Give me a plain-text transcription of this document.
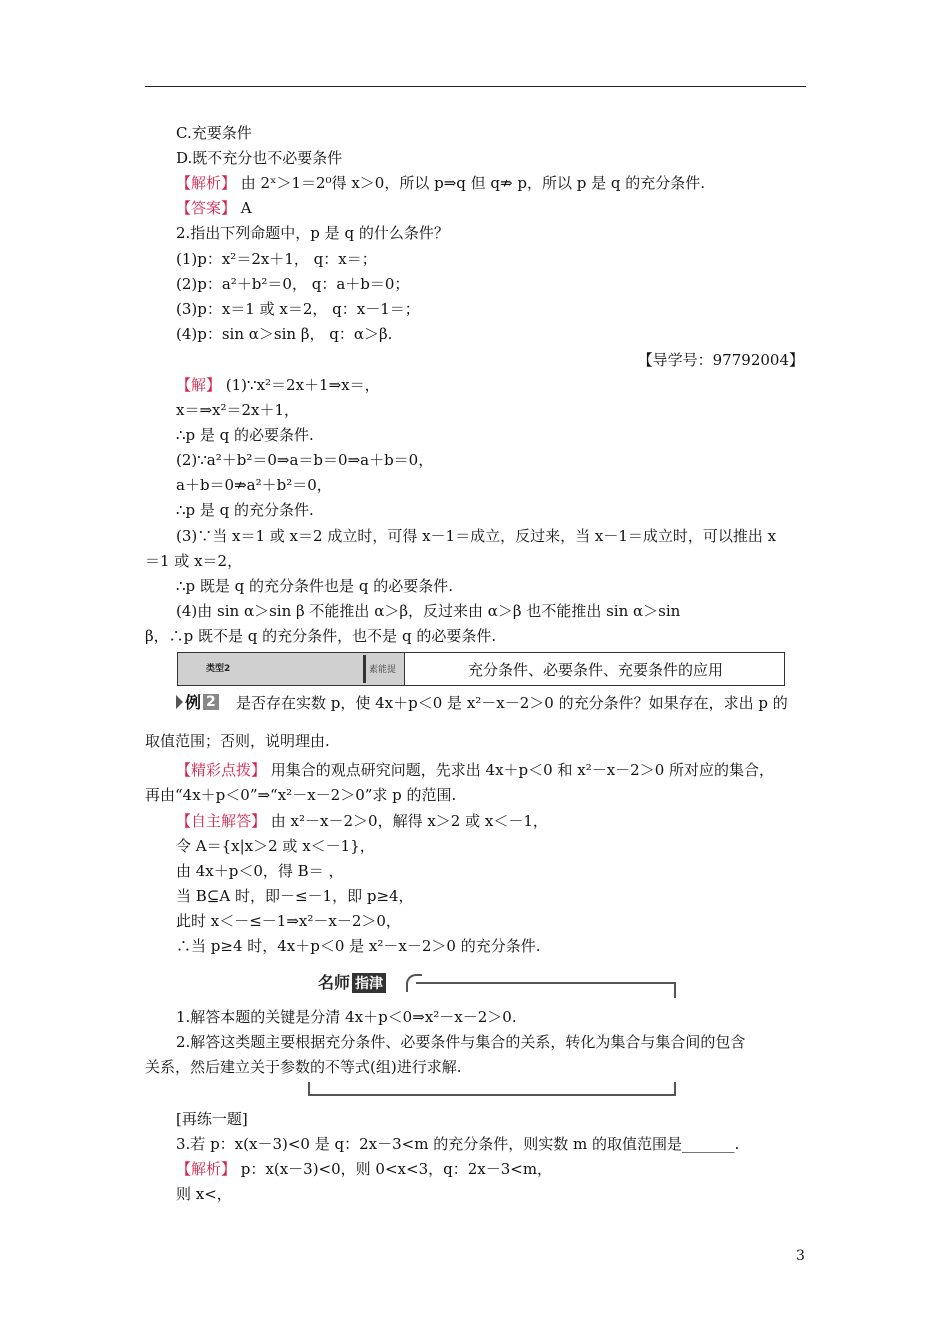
C.充要条件
D.既不充分也不必要条件
【解析】 由 2ˣ＞1＝2⁰得 x＞0，所以 p⇒q 但 q⇏ p，所以 p 是 q 的充分条件.
【答案】 A
2.指出下列命题中，p 是 q 的什么条件？
(1)p：x²＝2x＋1， q：x＝；
(2)p：a²＋b²＝0， q：a＋b＝0；
(3)p：x＝1 或 x＝2， q：x－1＝；
(4)p：sin α＞sin β， q：α＞β.
【导学号：97792004】
【解】 (1)∵x²＝2x＋1⇒x＝，
x＝⇒x²＝2x＋1，
∴p 是 q 的必要条件.
(2)∵a²＋b²＝0⇒a＝b＝0⇒a＋b＝0，
a＋b＝0⇏a²＋b²＝0，
∴p 是 q 的充分条件.
(3)∵当 x＝1 或 x＝2 成立时，可得 x－1＝成立，反过来，当 x－1＝成立时，可以推出 x
＝1 或 x＝2，
∴p 既是 q 的充分条件也是 q 的必要条件.
(4)由 sin α＞sin β 不能推出 α＞β，反过来由 α＞β 也不能推出 sin α＞sin
β，∴p 既不是 q 的充分条件，也不是 q 的必要条件.
类型2	素能提	充分条件、必要条件、充要条件的应用
例 2 是否存在实数 p，使 4x＋p＜0 是 x²－x－2＞0 的充分条件？如果存在，求出 p 的
取值范围；否则，说明理由.
【精彩点拨】 用集合的观点研究问题，先求出 4x＋p＜0 和 x²－x－2＞0 所对应的集合，
再由“4x＋p＜0”⇒“x²－x－2＞0”求 p 的范围.
【自主解答】 由 x²－x－2＞0，解得 x＞2 或 x＜－1，
令 A＝{x|x＞2 或 x＜－1}，
由 4x＋p＜0，得 B＝ ，
当 B⊆A 时，即－≤－1，即 p≥4，
此时 x＜－≤－1⇒x²－x－2＞0，
∴当 p≥4 时，4x＋p＜0 是 x²－x－2＞0 的充分条件.
名师 指津
1.解答本题的关键是分清 4x＋p＜0⇒x²－x－2＞0.
2.解答这类题主要根据充分条件、必要条件与集合的关系，转化为集合与集合间的包含
关系，然后建立关于参数的不等式(组)进行求解.
[再练一题]
3.若 p：x(x－3)<0 是 q：2x－3<m 的充分条件，则实数 m 的取值范围是_______.
【解析】 p：x(x－3)<0，则 0<x<3，q：2x－3<m，
则 x<，
3
